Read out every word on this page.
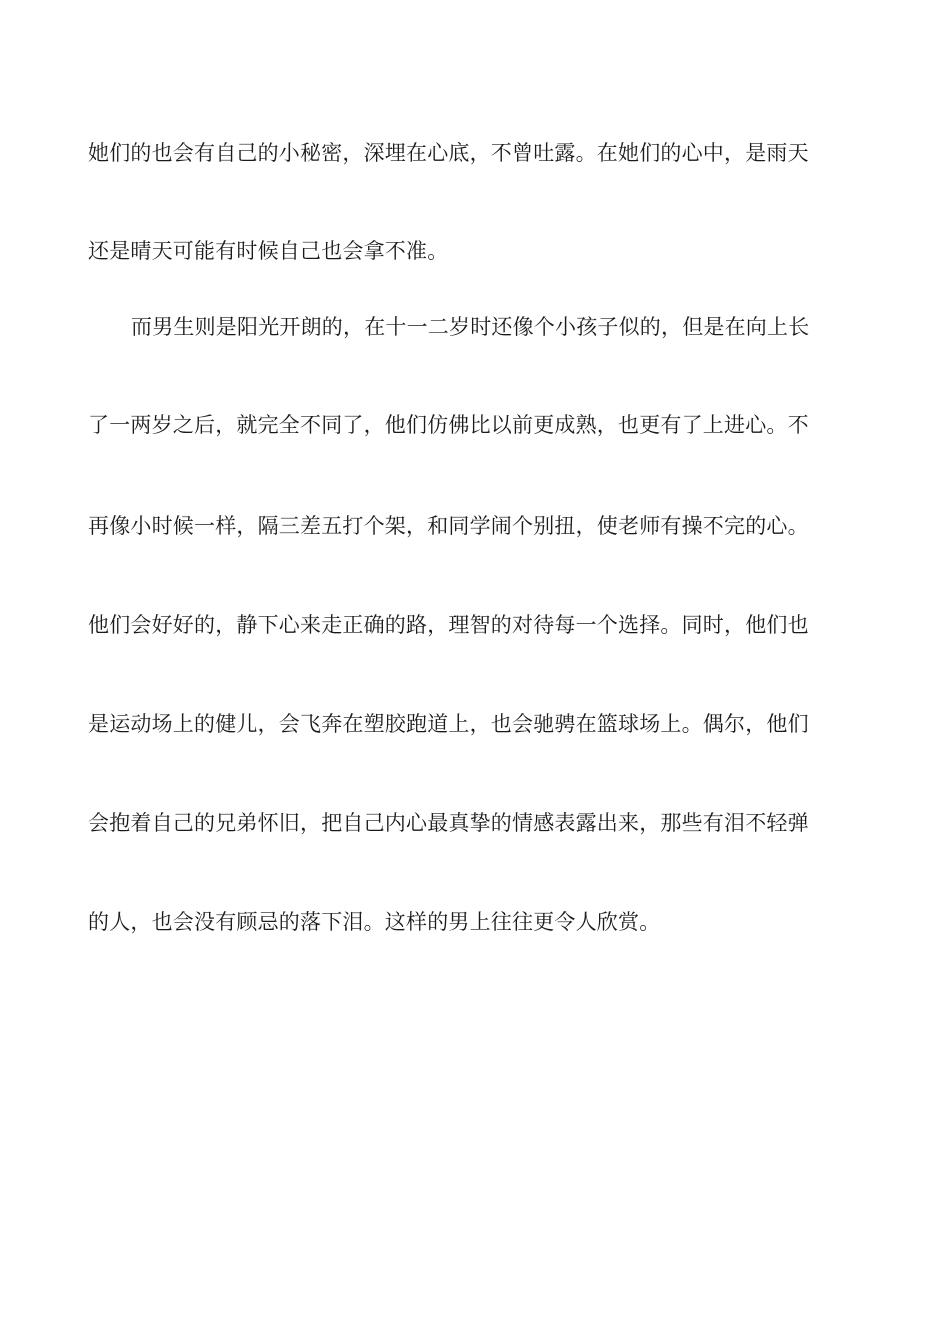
她们的也会有自己的小秘密，深埋在心底，不曾吐露。在她们的心中，是雨天
还是晴天可能有时候自己也会拿不准。
而男生则是阳光开朗的，在十一二岁时还像个小孩子似的，但是在向上长
了一两岁之后，就完全不同了，他们仿佛比以前更成熟，也更有了上进心。不
再像小时候一样，隔三差五打个架，和同学闹个别扭，使老师有操不完的心。
他们会好好的，静下心来走正确的路，理智的对待每一个选择。同时，他们也
是运动场上的健儿，会飞奔在塑胶跑道上，也会驰骋在篮球场上。偶尔，他们
会抱着自己的兄弟怀旧，把自己内心最真挚的情感表露出来，那些有泪不轻弹
的人，也会没有顾忌的落下泪。这样的男上往往更令人欣赏。
